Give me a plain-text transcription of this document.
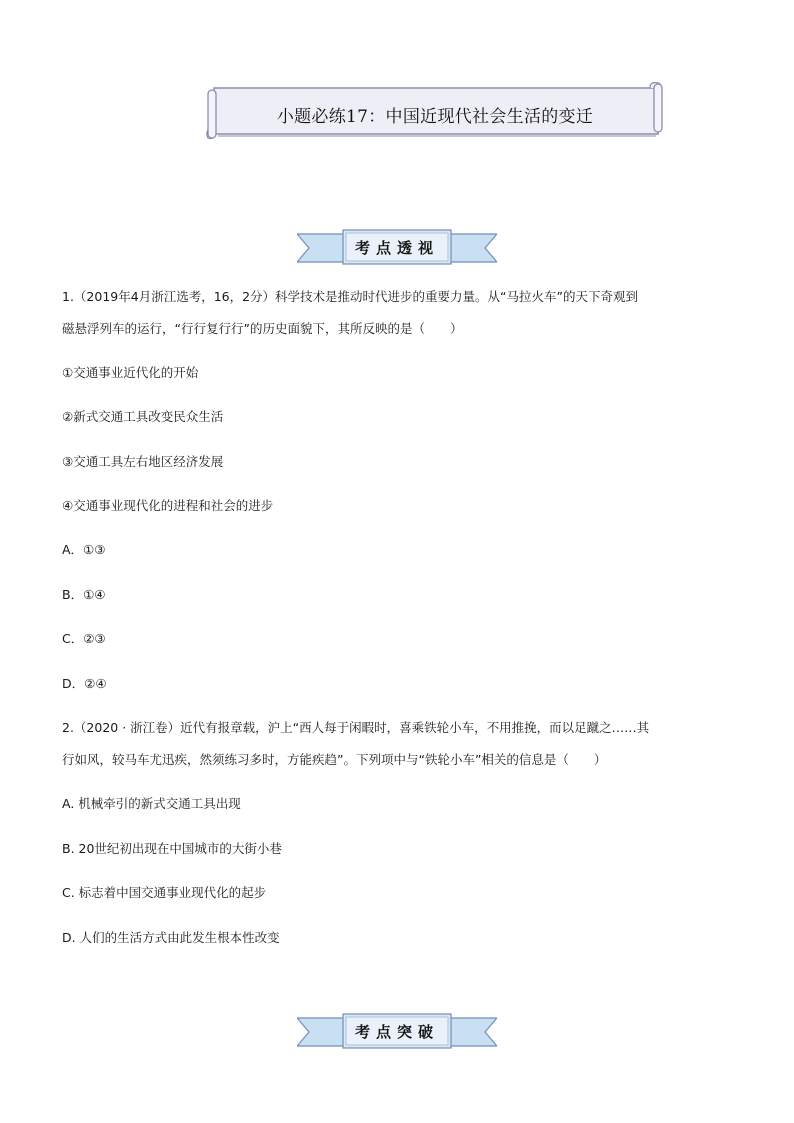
小题必练17：中国近现代社会生活的变迁
考点透视
1.（2019年4月浙江选考，16，2分）科学技术是推动时代进步的重要力量。从“马拉火车”的天下奇观到
磁悬浮列车的运行，“行行复行行”的历史面貌下，其所反映的是（　　）
①交通事业近代化的开始
②新式交通工具改变民众生活
③交通工具左右地区经济发展
④交通事业现代化的进程和社会的进步
A．①③
B．①④
C．②③
D．②④
2.（2020 · 浙江卷）近代有报章载，沪上“西人每于闲暇时，喜乘铁轮小车，不用推挽，而以足蹴之……其
行如风，较马车尤迅疾，然须练习多时，方能疾趋”。下列项中与“铁轮小车”相关的信息是（　　）
A. 机械牵引的新式交通工具出现
B. 20世纪初出现在中国城市的大街小巷
C. 标志着中国交通事业现代化的起步
D. 人们的生活方式由此发生根本性改变
考点突破
